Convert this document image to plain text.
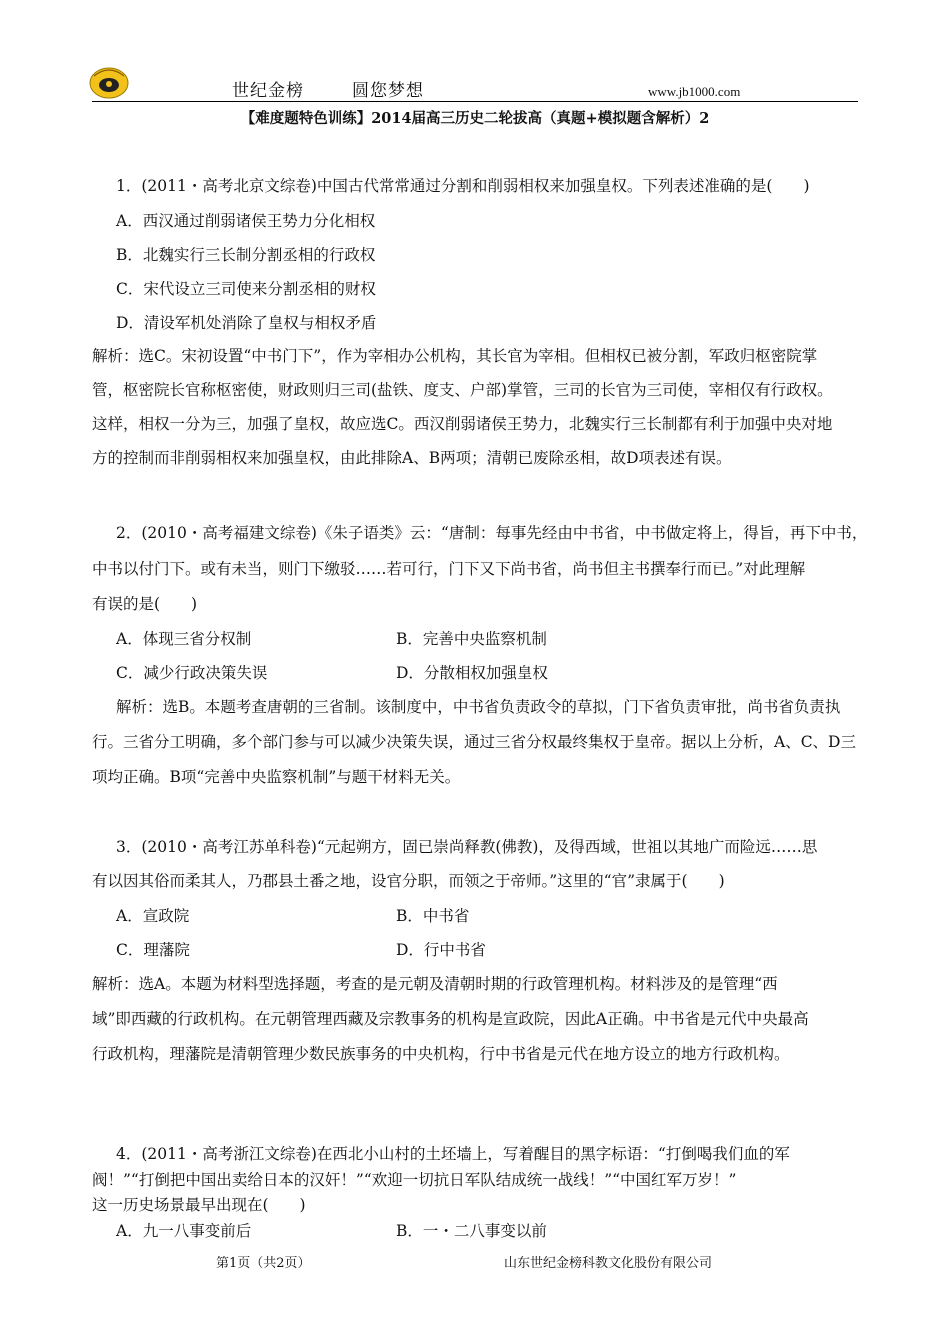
世纪金榜	圆您梦想	www.jb1000.com
【难度题特色训练】2014届高三历史二轮拔高（真题+模拟题含解析）2
1．(2011・高考北京文综卷)中国古代常常通过分割和削弱相权来加强皇权。下列表述准确的是(　　)
A．西汉通过削弱诸侯王势力分化相权
B．北魏实行三长制分割丞相的行政权
C．宋代设立三司使来分割丞相的财权
D．清设军机处消除了皇权与相权矛盾
解析：选C。宋初设置“中书门下”，作为宰相办公机构，其长官为宰相。但相权已被分割，军政归枢密院掌
管，枢密院长官称枢密使，财政则归三司(盐铁、度支、户部)掌管，三司的长官为三司使，宰相仅有行政权。
这样，相权一分为三，加强了皇权，故应选C。西汉削弱诸侯王势力，北魏实行三长制都有利于加强中央对地
方的控制而非削弱相权来加强皇权，由此排除A、B两项；清朝已废除丞相，故D项表述有误。
2．(2010・高考福建文综卷)《朱子语类》云：“唐制：每事先经由中书省，中书做定将上，得旨，再下中书，
中书以付门下。或有未当，则门下缴驳……若可行，门下又下尚书省，尚书但主书撰奉行而已。”对此理解
有误的是(　　)
A．体现三省分权制	B．完善中央监察机制
C．减少行政决策失误	D．分散相权加强皇权
解析：选B。本题考查唐朝的三省制。该制度中，中书省负责政令的草拟，门下省负责审批，尚书省负责执
行。三省分工明确，多个部门参与可以减少决策失误，通过三省分权最终集权于皇帝。据以上分析，A、C、D三
项均正确。B项“完善中央监察机制”与题干材料无关。
3．(2010・高考江苏单科卷)“元起朔方，固已崇尚释教(佛教)，及得西域，世祖以其地广而险远……思
有以因其俗而柔其人，乃郡县土番之地，设官分职，而领之于帝师。”这里的“官”隶属于(　　)
A．宣政院	B．中书省
C．理藩院	D．行中书省
解析：选A。本题为材料型选择题，考查的是元朝及清朝时期的行政管理机构。材料涉及的是管理“西
域”即西藏的行政机构。在元朝管理西藏及宗教事务的机构是宣政院，因此A正确。中书省是元代中央最高
行政机构，理藩院是清朝管理少数民族事务的中央机构，行中书省是元代在地方设立的地方行政机构。
4．(2011・高考浙江文综卷)在西北小山村的土坯墙上，写着醒目的黑字标语：“打倒喝我们血的军
阀！”“打倒把中国出卖给日本的汉奸！”“欢迎一切抗日军队结成统一战线！”“中国红军万岁！”
这一历史场景最早出现在(　　)
A．九一八事变前后	B．一・二八事变以前
第1页（共2页）	山东世纪金榜科教文化股份有限公司
